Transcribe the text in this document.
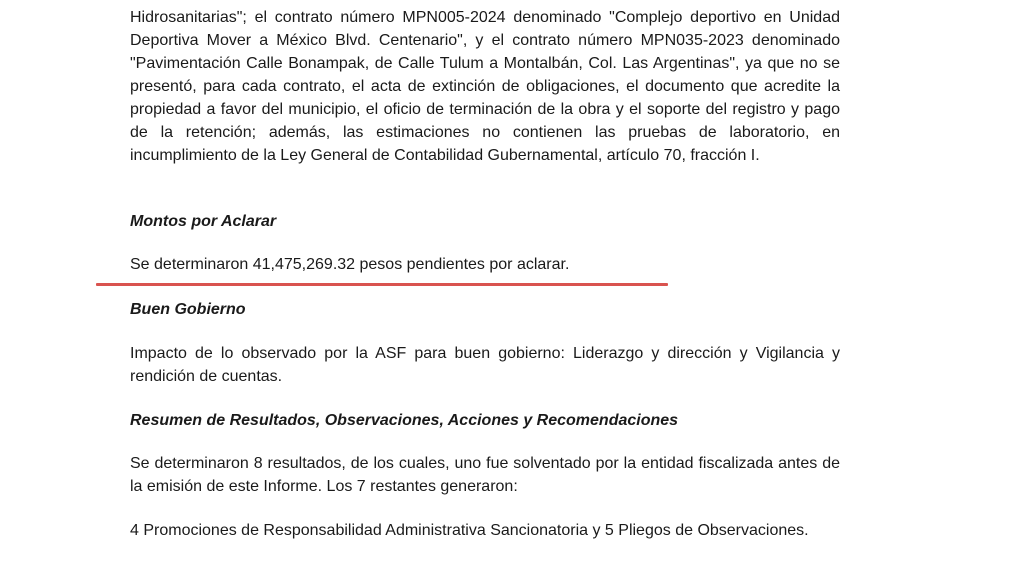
Hidrosanitarias"; el contrato número MPN005-2024 denominado "Complejo deportivo en Unidad Deportiva Mover a México Blvd. Centenario", y el contrato número MPN035-2023 denominado "Pavimentación Calle Bonampak, de Calle Tulum a Montalbán, Col. Las Argentinas", ya que no se presentó, para cada contrato, el acta de extinción de obligaciones, el documento que acredite la propiedad a favor del municipio, el oficio de terminación de la obra y el soporte del registro y pago de la retención; además, las estimaciones no contienen las pruebas de laboratorio, en incumplimiento de la Ley General de Contabilidad Gubernamental, artículo 70, fracción I.

Montos por Aclarar

Se determinaron 41,475,269.32 pesos pendientes por aclarar.

Buen Gobierno

Impacto de lo observado por la ASF para buen gobierno: Liderazgo y dirección y Vigilancia y rendición de cuentas.

Resumen de Resultados, Observaciones, Acciones y Recomendaciones

Se determinaron 8 resultados, de los cuales, uno fue solventado por la entidad fiscalizada antes de la emisión de este Informe. Los 7 restantes generaron:

4 Promociones de Responsabilidad Administrativa Sancionatoria y 5 Pliegos de Observaciones.
